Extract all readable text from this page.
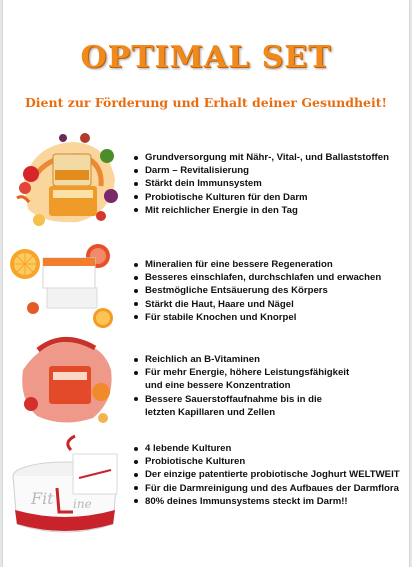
OPTIMAL SET
Dient zur Förderung und Erhalt deiner Gesundheit!
Grundversorgung mit Nähr-, Vital-, und Ballaststoffen
Darm – Revitalisierung
Stärkt dein Immunsystem
Probiotische Kulturen für den Darm
Mit reichlicher Energie in den Tag
Mineralien für eine bessere Regeneration
Besseres einschlafen, durchschlafen und erwachen
Bestmögliche Entsäuerung des Körpers
Stärkt die Haut, Haare und Nägel
Für stabile Knochen und Knorpel
Reichlich an B-Vitaminen
Für mehr Energie, höhere Leistungsfähigkeit
und eine bessere Konzentration
Bessere Sauerstoffaufnahme bis in die
letzten Kapillaren und Zellen
Fit ine
4 lebende Kulturen
Probiotische Kulturen
Der einzige patentierte probiotische Joghurt WELTWEIT
Für die Darmreinigung und des Aufbaues der Darmflora
80% deines Immunsystems steckt im Darm!!
